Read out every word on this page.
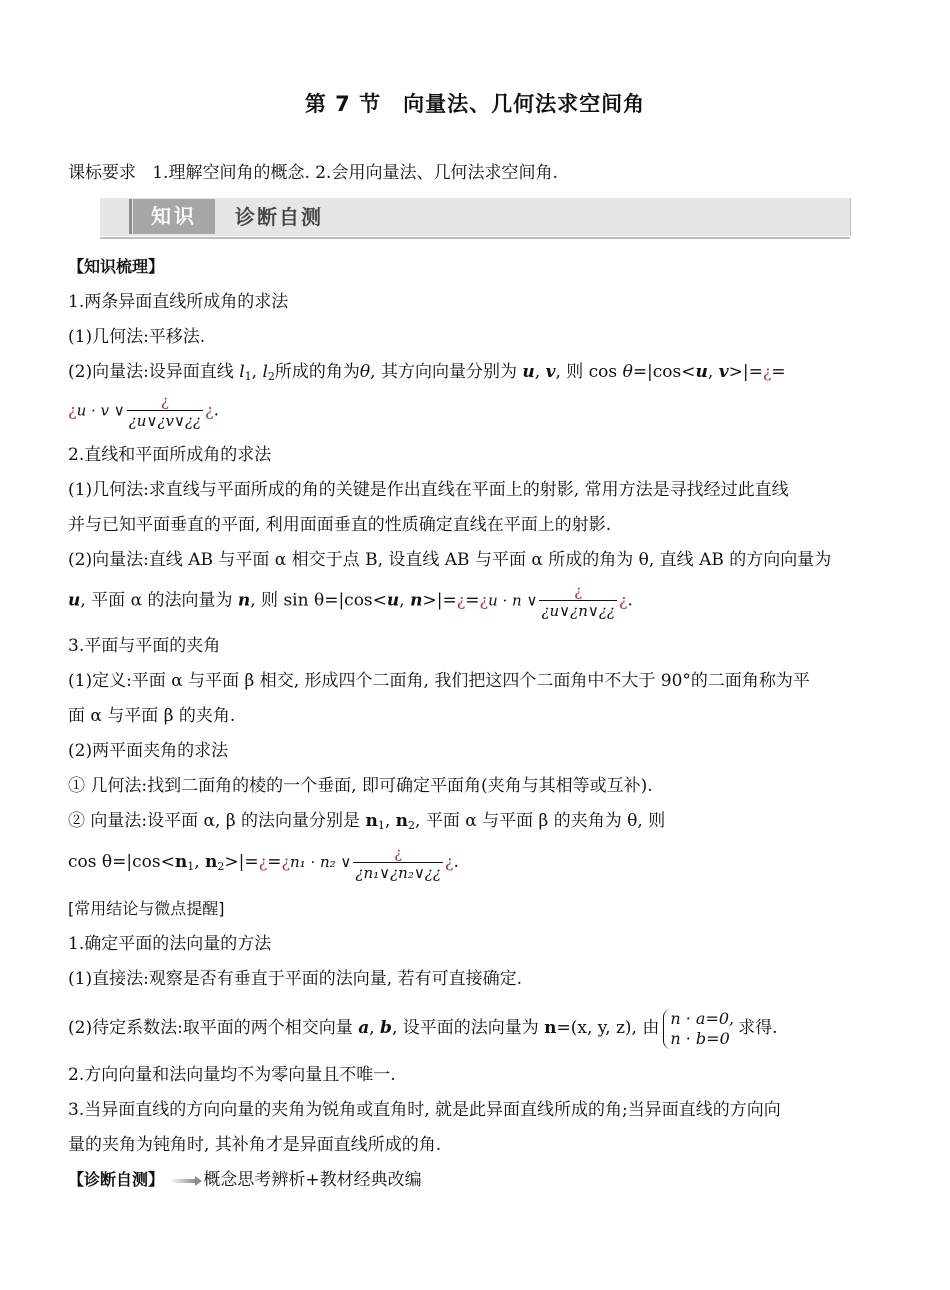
第 7 节 向量法、几何法求空间角
课标要求 1.理解空间角的概念. 2.会用向量法、几何法求空间角.
知识	诊断自测
【知识梳理】
1.两条异面直线所成角的求法
(1)几何法:平移法.
(2)向量法:设异面直线 $l_1$, $l_2$所成的角为θ, 其方向向量分别为 u, v, 则 cos θ=|cos<u, v>|=¿=
¿u · v ∨ $\frac{¿}{¿u\vee¿v\vee¿¿}$ ¿.
2.直线和平面所成角的求法
(1)几何法:求直线与平面所成的角的关键是作出直线在平面上的射影, 常用方法是寻找经过此直线
并与已知平面垂直的平面, 利用面面垂直的性质确定直线在平面上的射影.
(2)向量法:直线 AB 与平面 α 相交于点 B, 设直线 AB 与平面 α 所成的角为 θ, 直线 AB 的方向向量为
u, 平面 α 的法向量为 n, 则 sin θ=|cos<u, n>|=¿=¿u · n ∨ $\frac{¿}{¿u\vee¿n\vee¿¿}$ ¿.
3.平面与平面的夹角
(1)定义:平面 α 与平面 β 相交, 形成四个二面角, 我们把这四个二面角中不大于 90°的二面角称为平
面 α 与平面 β 的夹角.
(2)两平面夹角的求法
① 几何法:找到二面角的棱的一个垂面, 即可确定平面角(夹角与其相等或互补).
② 向量法:设平面 α, β 的法向量分别是 $n_1$, $n_2$, 平面 α 与平面 β 的夹角为 θ, 则
$\cos \theta=|\cos<n_1$, $n_2>|=¿=¿n_1 \cdot n_2$ ∨ $\frac{¿}{\text{¿n₁∨¿n₂∨¿¿}}$ ¿.
[常用结论与微点提醒]
1.确定平面的法向量的方法
(1)直接法:观察是否有垂直于平面的法向量, 若有可直接确定.
(2)待定系数法:取平面的两个相交向量 a, b, 设平面的法向量为 n=(x, y, z), 由 n · a=0,
n · b=0 求得.
2.方向向量和法向量均不为零向量且不唯一.
3.当异面直线的方向向量的夹角为锐角或直角时, 就是此异面直线所成的角;当异面直线的方向向
量的夹角为钝角时, 其补角才是异面直线所成的角.
【诊断自测】 概念思考辨析+教材经典改编
